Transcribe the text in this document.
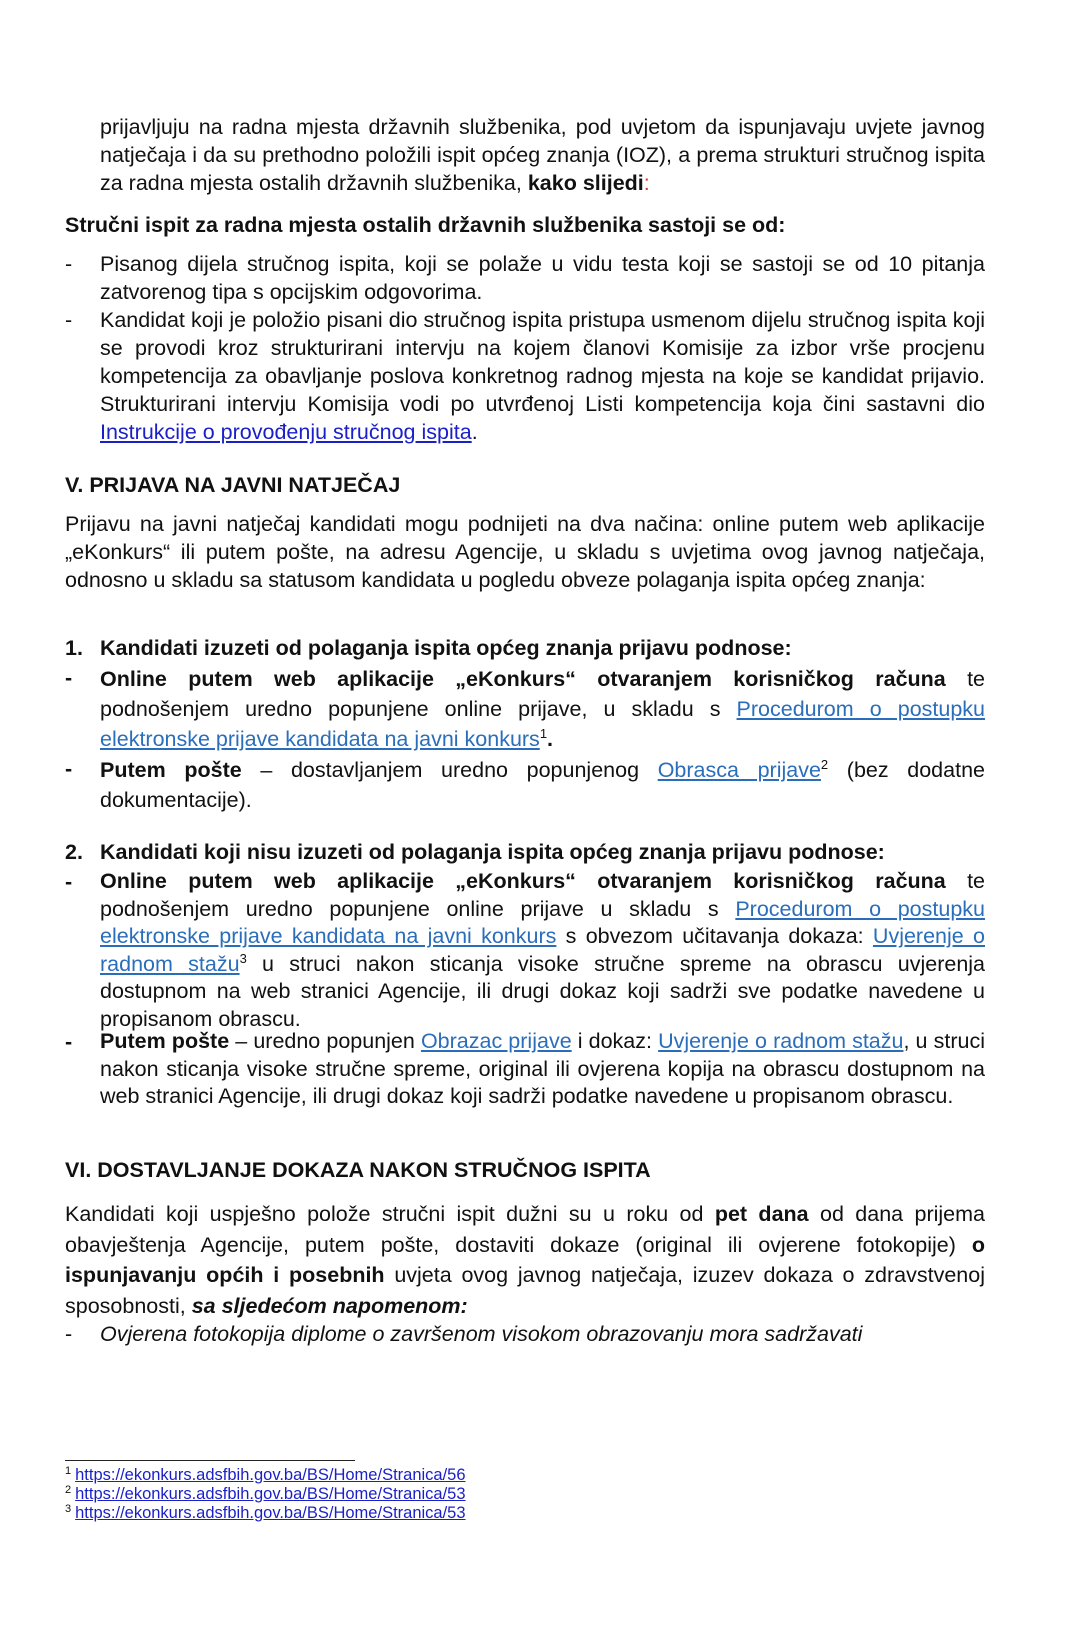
prijavljuju na radna mjesta državnih službenika, pod uvjetom da ispunjavaju uvjete javnog natječaja i da su prethodno položili ispit općeg znanja (IOZ), a prema strukturi stručnog ispita za radna mjesta ostalih državnih službenika, kako slijedi:
Stručni ispit za radna mjesta ostalih državnih službenika sastoji se od:
- Pisanog dijela stručnog ispita, koji se polaže u vidu testa koji se sastoji se od 10 pitanja zatvorenog tipa s opcijskim odgovorima.
- Kandidat koji je položio pisani dio stručnog ispita pristupa usmenom dijelu stručnog ispita koji se provodi kroz strukturirani intervju na kojem članovi Komisije za izbor vrše procjenu kompetencija za obavljanje poslova konkretnog radnog mjesta na koje se kandidat prijavio. Strukturirani intervju Komisija vodi po utvrđenoj Listi kompetencija koja čini sastavni dio Instrukcije o provođenju stručnog ispita.
V. PRIJAVA NA JAVNI NATJEČAJ
Prijavu na javni natječaj kandidati mogu podnijeti na dva načina: online putem web aplikacije „eKonkurs“ ili putem pošte, na adresu Agencije, u skladu s uvjetima ovog javnog natječaja, odnosno u skladu sa statusom kandidata u pogledu obveze polaganja ispita općeg znanja:
1. Kandidati izuzeti od polaganja ispita općeg znanja prijavu podnose:
- Online putem web aplikacije „eKonkurs“ otvaranjem korisničkog računa te podnošenjem uredno popunjene online prijave, u skladu s Procedurom o postupku elektronske prijave kandidata na javni konkurs$^1$.
- Putem pošte – dostavljanjem uredno popunjenog Obrasca prijave$^2$ (bez dodatne dokumentacije).
2. Kandidati koji nisu izuzeti od polaganja ispita općeg znanja prijavu podnose:
- Online putem web aplikacije „eKonkurs“ otvaranjem korisničkog računa te podnošenjem uredno popunjene online prijave u skladu s Procedurom o postupku elektronske prijave kandidata na javni konkurs s obvezom učitavanja dokaza: Uvjerenje o radnom stažu$^3$ u struci nakon sticanja visoke stručne spreme na obrascu uvjerenja dostupnom na web stranici Agencije, ili drugi dokaz koji sadrži sve podatke navedene u propisanom obrascu.
- Putem pošte – uredno popunjen Obrazac prijave i dokaz: Uvjerenje o radnom stažu, u struci nakon sticanja visoke stručne spreme, original ili ovjerena kopija na obrascu dostupnom na web stranici Agencije, ili drugi dokaz koji sadrži podatke navedene u propisanom obrascu.
VI. DOSTAVLJANJE DOKAZA NAKON STRUČNOG ISPITA
Kandidati koji uspješno polože stručni ispit dužni su u roku od pet dana od dana prijema obavještenja Agencije, putem pošte, dostaviti dokaze (original ili ovjerene fotokopije) o ispunjavanju općih i posebnih uvjeta ovog javnog natječaja, izuzev dokaza o zdravstvenoj sposobnosti, sa sljedećom napomenom:
- Ovjerena fotokopija diplome o završenom visokom obrazovanju mora sadržavati
$^1$ https://ekonkurs.adsfbih.gov.ba/BS/Home/Stranica/56
$^2$ https://ekonkurs.adsfbih.gov.ba/BS/Home/Stranica/53
$^3$ https://ekonkurs.adsfbih.gov.ba/BS/Home/Stranica/53
